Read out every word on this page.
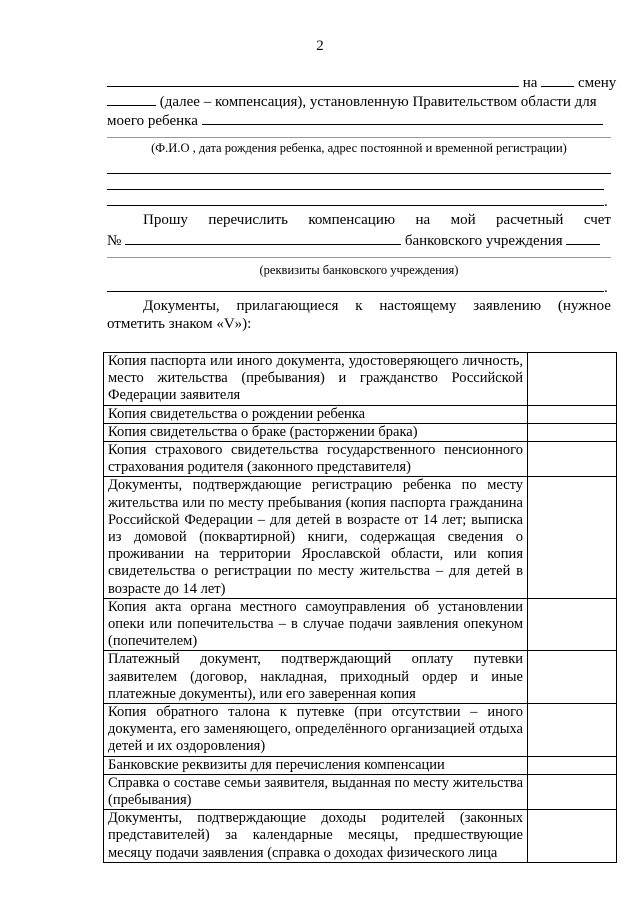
2
на	смену
(далее – компенсация), установленную Правительством области для
моего ребенка
(Ф.И.О , дата рождения ребенка, адрес постоянной и временной регистрации)
.
Прошу перечислить компенсацию на мой расчетный счет
№	банковского учреждения
(реквизиты банковского учреждения)
.
Документы, прилагающиеся к настоящему заявлению (нужное
отметить знаком «V»):
Копия паспорта или иного документа, удостоверяющего личность, место жительства (пребывания) и гражданство Российской Федерации заявителя	
Копия свидетельства о рождении ребенка	
Копия свидетельства о браке (расторжении брака)	
Копия страхового свидетельства государственного пенсионного страхования родителя (законного представителя)	
Документы, подтверждающие регистрацию ребенка по месту жительства или по месту пребывания (копия паспорта гражданина Российской Федерации – для детей в возрасте от 14 лет; выписка из домовой (поквартирной) книги, содержащая сведения о проживании на территории Ярославской области, или копия свидетельства о регистрации по месту жительства – для детей в возрасте до 14 лет)	
Копия акта органа местного самоуправления об установлении опеки или попечительства – в случае подачи заявления опекуном (попечителем)	
Платежный документ, подтверждающий оплату путевки заявителем (договор, накладная, приходный ордер и иные платежные документы), или его заверенная копия	
Копия обратного талона к путевке (при отсутствии – иного документа, его заменяющего, определённого организацией отдыха детей и их оздоровления)	
Банковские реквизиты для перечисления компенсации	
Справка о составе семьи заявителя, выданная по месту жительства (пребывания)	
Документы, подтверждающие доходы родителей (законных представителей) за календарные месяцы, предшествующие месяцу подачи заявления (справка о доходах физического лица	
